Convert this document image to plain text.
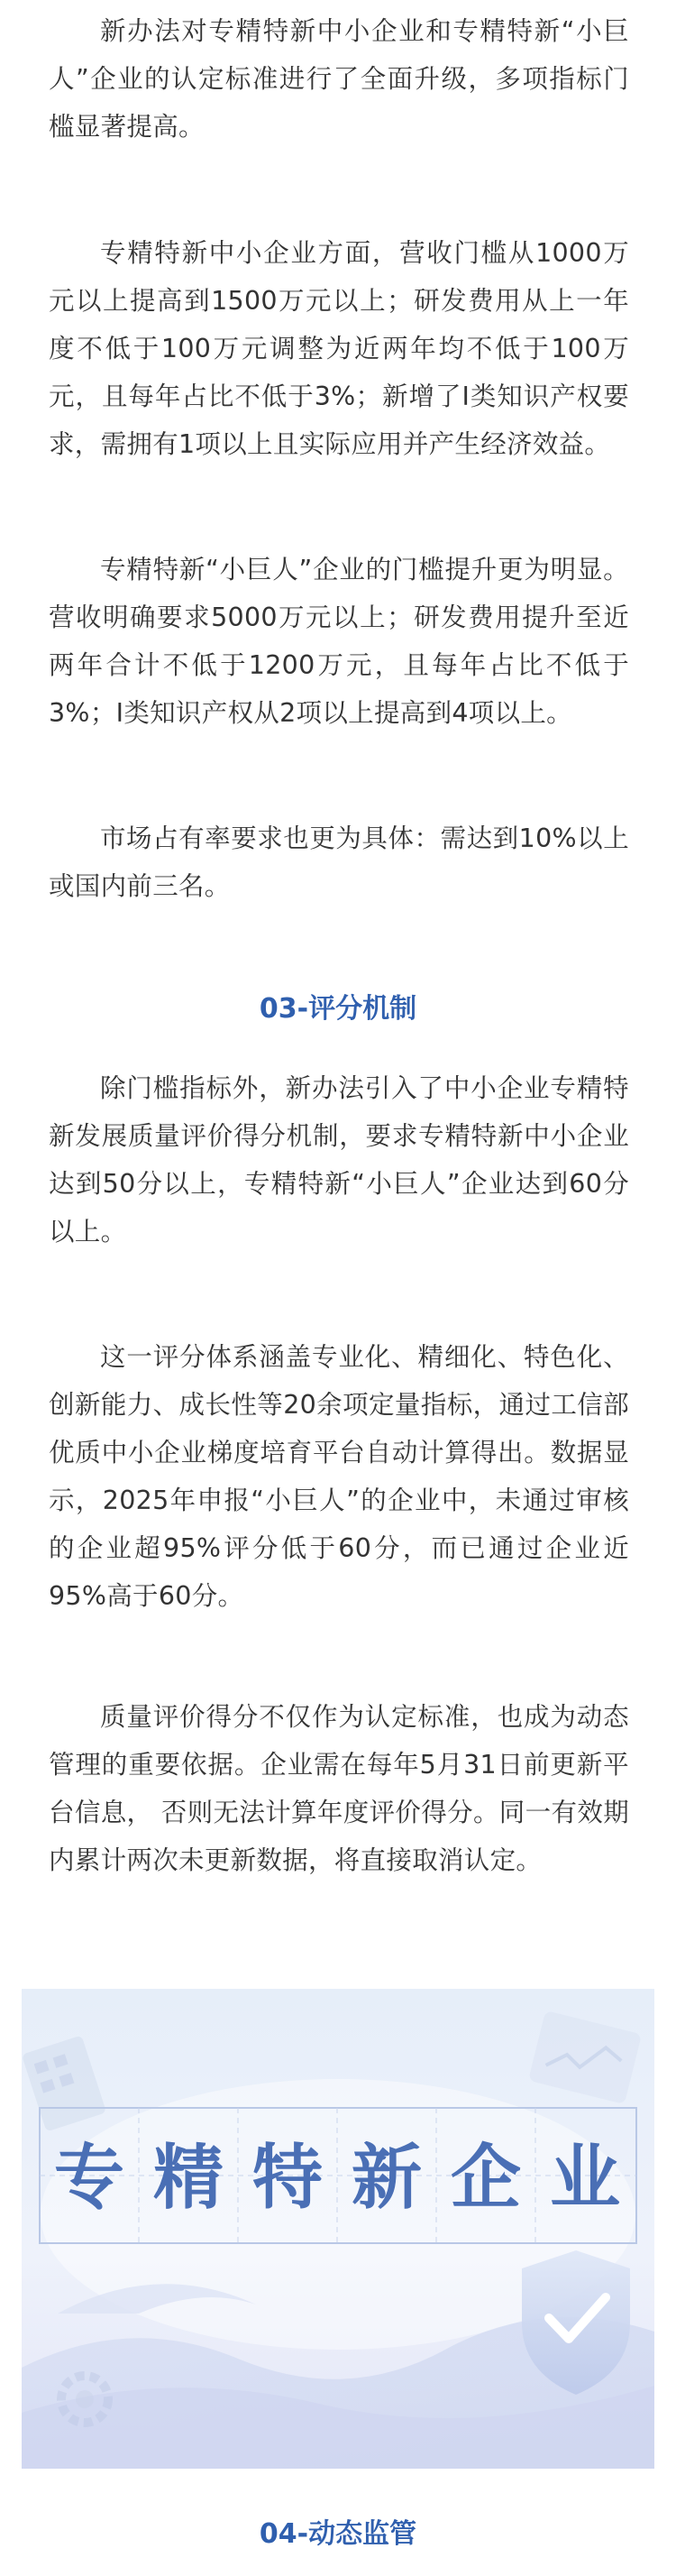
新办法对专精特新中小企业和专精特新“小巨人”企业的认定标准进行了全面升级，多项指标门槛显著提高。

专精特新中小企业方面，营收门槛从1000万元以上提高到1500万元以上；研发费用从上一年度不低于100万元调整为近两年均不低于100万元，且每年占比不低于3%；新增了Ⅰ类知识产权要求，需拥有1项以上且实际应用并产生经济效益。

专精特新“小巨人”企业的门槛提升更为明显。营收明确要求5000万元以上；研发费用提升至近两年合计不低于1200万元，且每年占比不低于3%；Ⅰ类知识产权从2项以上提高到4项以上。

市场占有率要求也更为具体：需达到10%以上或国内前三名。

03-评分机制

除门槛指标外，新办法引入了中小企业专精特新发展质量评价得分机制，要求专精特新中小企业达到50分以上，专精特新“小巨人”企业达到60分以上。

这一评分体系涵盖专业化、精细化、特色化、创新能力、成长性等20余项定量指标，通过工信部优质中小企业梯度培育平台自动计算得出。数据显示，2025年申报“小巨人”的企业中，未通过审核的企业超95%评分低于60分，而已通过企业近95%高于60分。

质量评价得分不仅作为认定标准，也成为动态管理的重要依据。企业需在每年5月31日前更新平台信息， 否则无法计算年度评价得分。同一有效期内累计两次未更新数据，将直接取消认定。

专 精 特 新 企 业
04-动态监管
